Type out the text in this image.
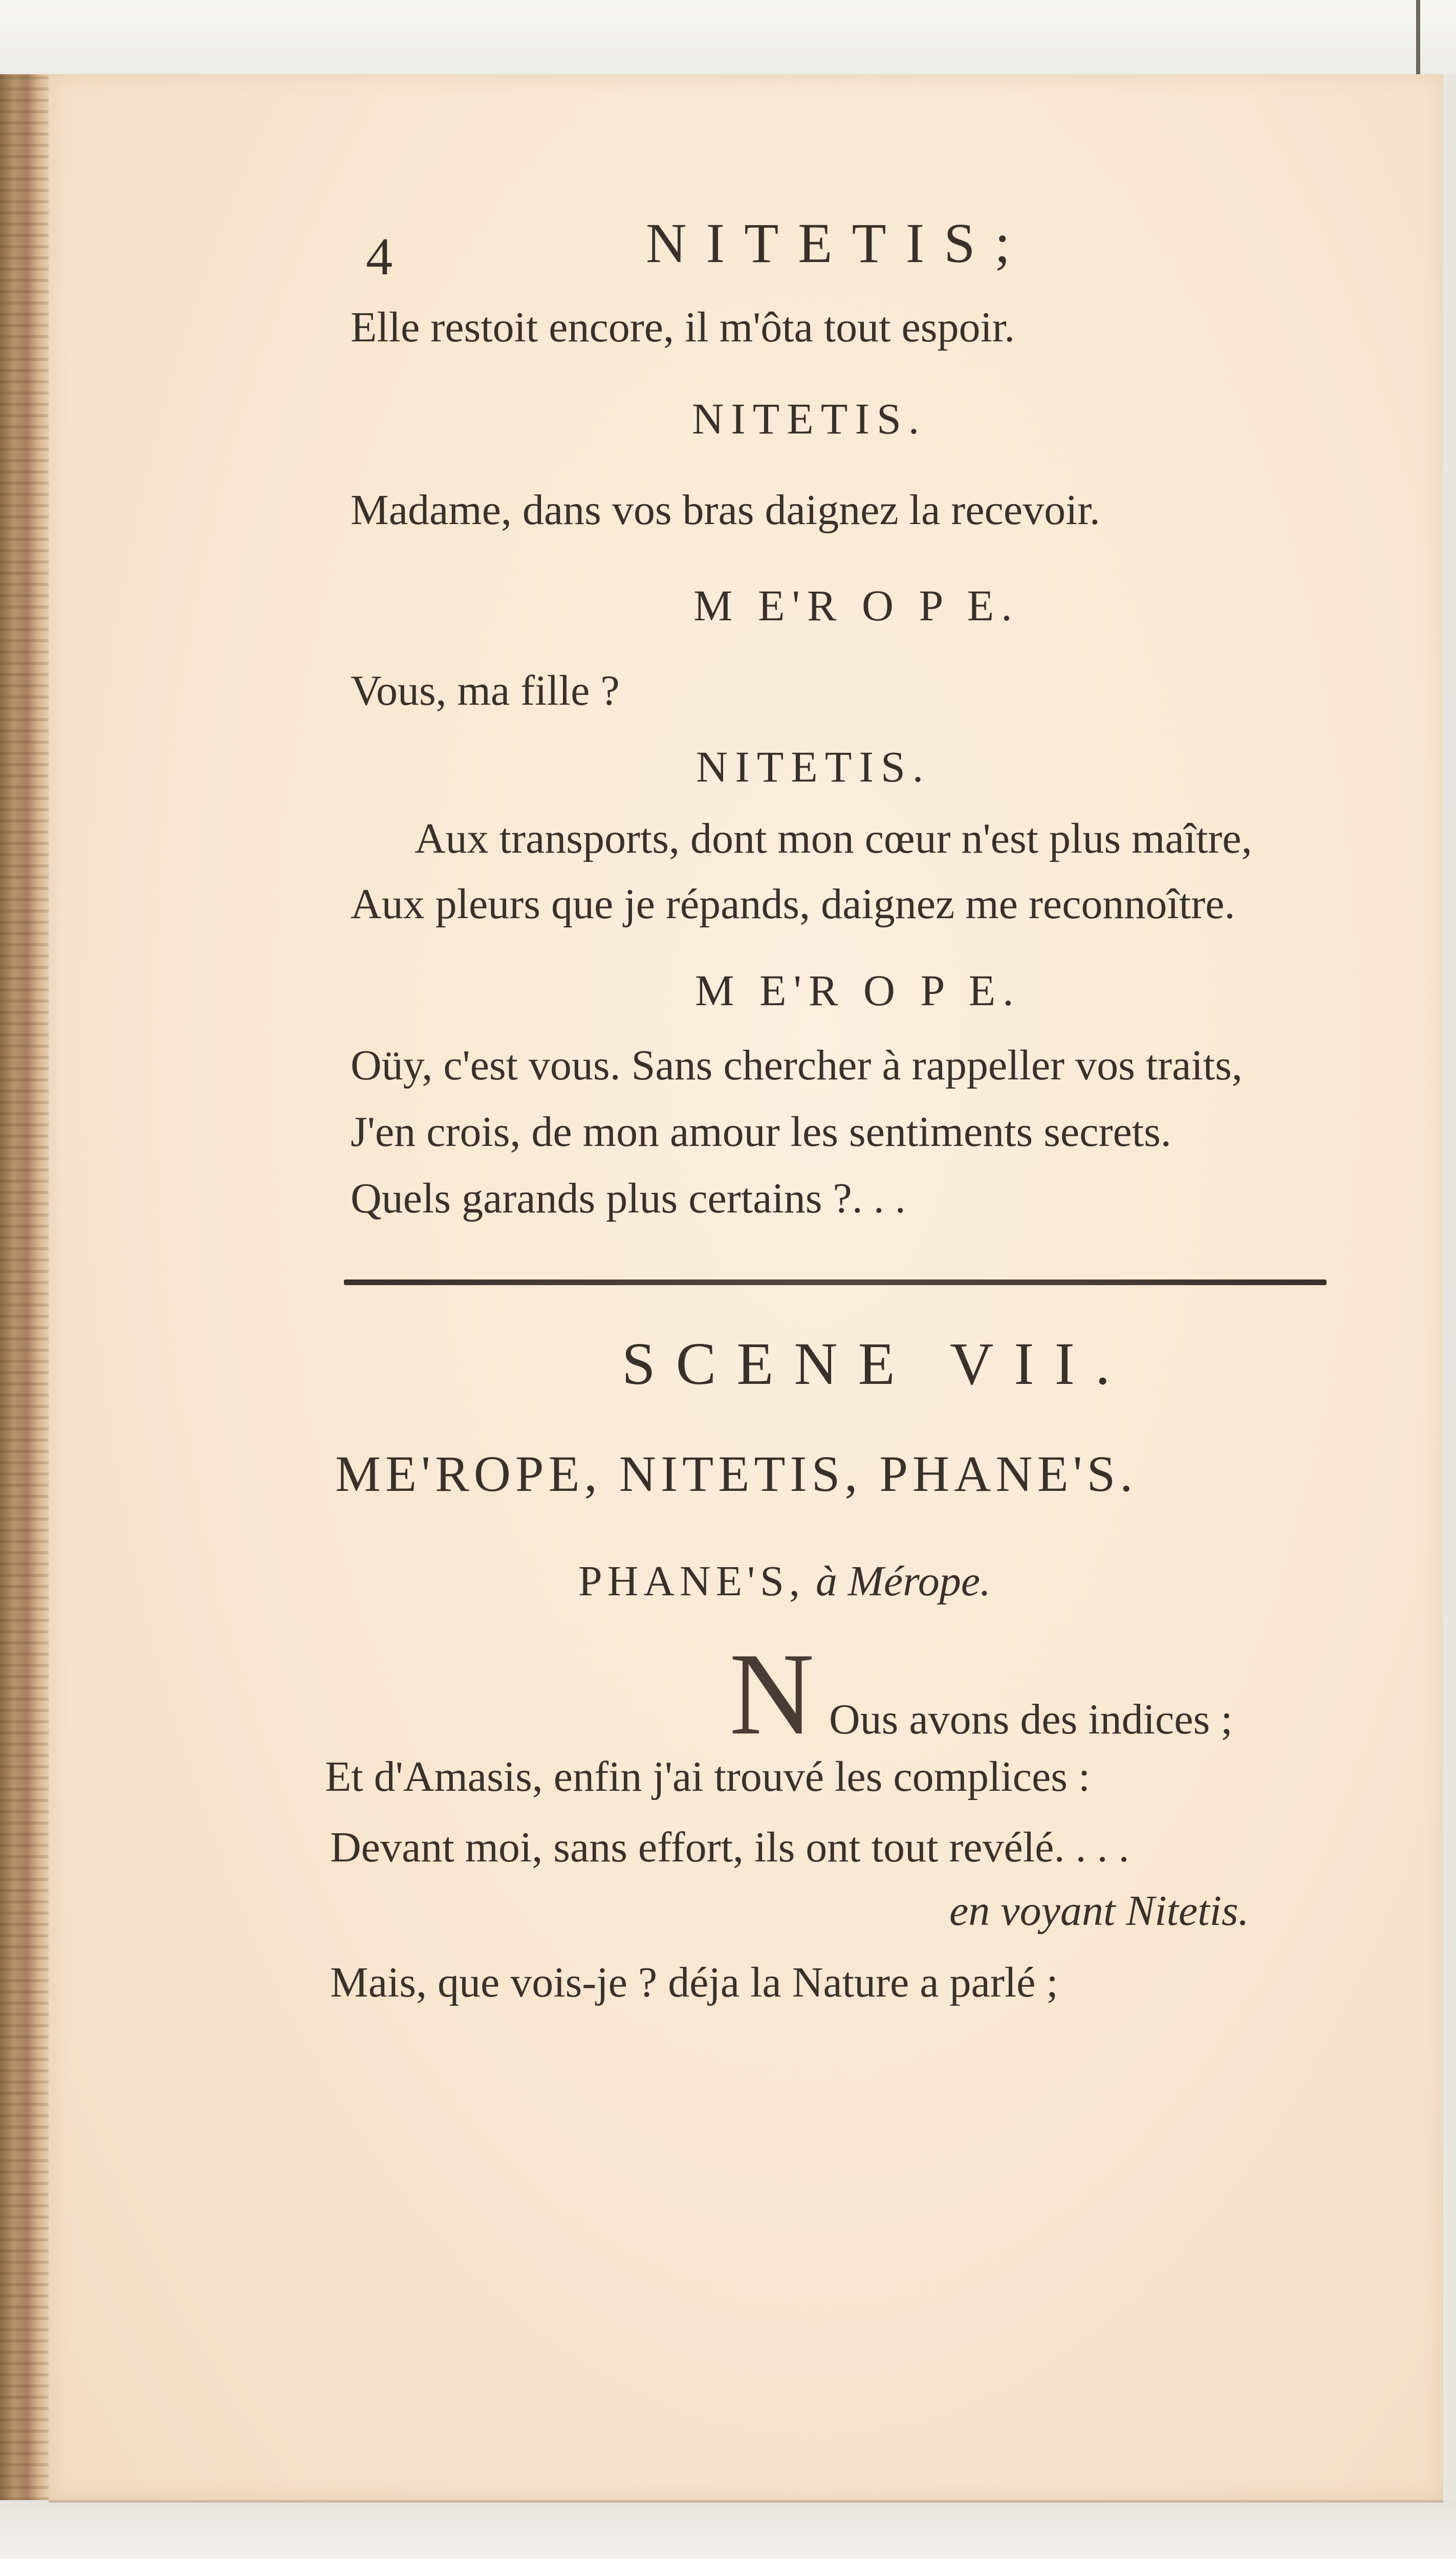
4	NITETIS;
Elle restoit encore, il m'ôta tout espoir.
NITETIS.
Madame, dans vos bras daignez la recevoir.
M E'R O P E.
Vous, ma fille ?
NITETIS.
Aux transports, dont mon cœur n'est plus maître,
Aux pleurs que je répands, daignez me reconnoître.
M E'R O P E.
Oüy, c'est vous. Sans chercher à rappeller vos traits,
J'en crois, de mon amour les sentiments secrets.
Quels garands plus certains ?. . .
SCENE VII.
ME'ROPE, NITETIS, PHANE'S.
PHANE'S, à Mérope.
N Ous avons des indices ;
Et d'Amasis, enfin j'ai trouvé les complices :
Devant moi, sans effort, ils ont tout revélé. . . .
en voyant Nitetis.
Mais, que vois-je ? déja la Nature a parlé ;
